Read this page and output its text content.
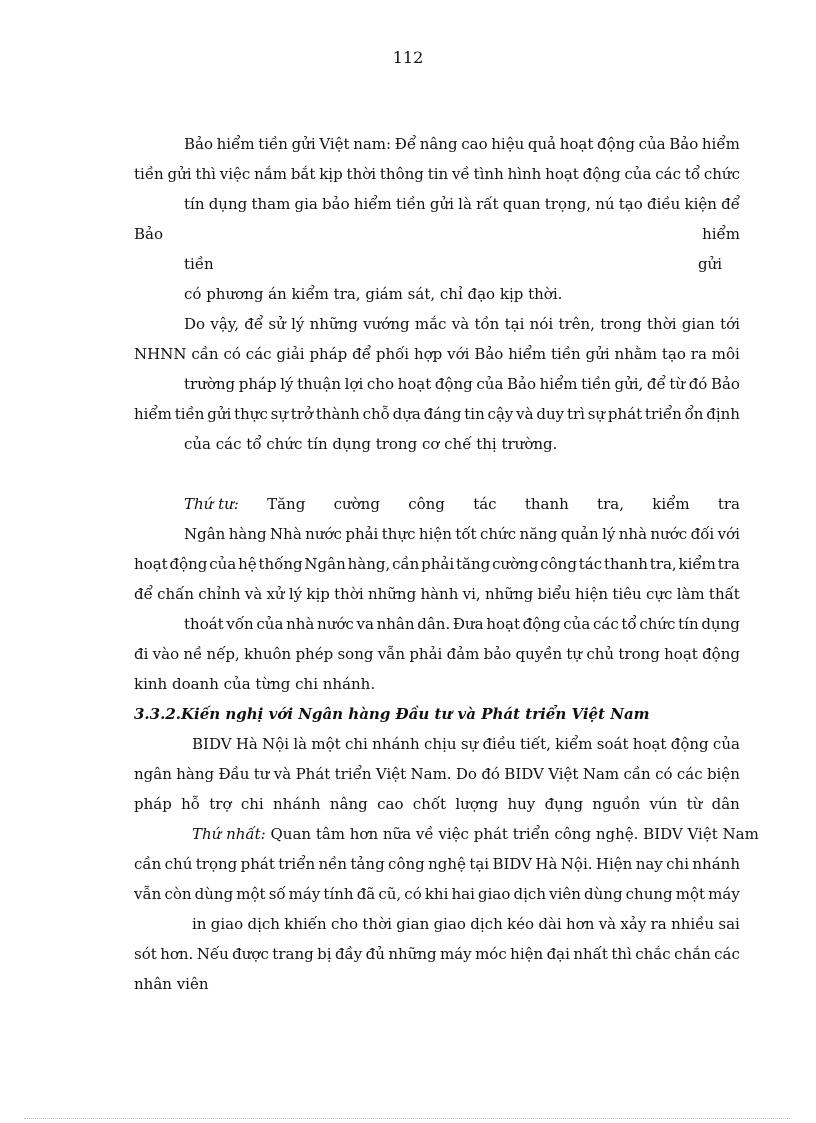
112
Bảo hiểm tiền gửi Việt nam: Để nâng cao hiệu quả hoạt động của Bảo hiểm
tiền gửi thì việc nắm bắt kịp thời thông tin về tình hình hoạt động của các tổ chức
tín dụng tham gia bảo hiểm tiền gửi là rất quan trọng, nú tạo điều kiện để
Bảo	hiểm
tiền	gửi
có phương án kiểm tra, giám sát, chỉ đạo kịp thời.
Do vậy, để sử lý những vướng mắc và tồn tại nói trên, trong thời gian tới
NHNN cần có các giải pháp để phối hợp với Bảo hiểm tiền gửi nhằm tạo ra môi
trường pháp lý thuận lợi cho hoạt động của Bảo hiểm tiền gửi, để từ đó Bảo
hiểm tiền gửi thực sự trở thành chỗ dựa đáng tin cậy và duy trì sự phát triển ổn định
của các tổ chức tín dụng trong cơ chế thị trường.
Thứ tư: Tăng cường công tác thanh tra, kiểm tra
Ngân hàng Nhà nước phải thực hiện tốt chức năng quản lý nhà nước đối với
hoạt động của hệ thống Ngân hàng, cần phải tăng cường công tác thanh tra, kiểm tra
để chấn chỉnh và xử lý kịp thời những hành vi, những biểu hiện tiêu cực làm thất
thoát vốn của nhà nước va nhân dân. Đưa hoạt động của các tổ chức tín dụng
đi vào nề nếp, khuôn phép song vẫn phải đảm bảo quyền tự chủ trong hoạt động
kinh doanh của từng chi nhánh.
3.3.2.Kiến nghị với Ngân hàng Đầu tư và Phát triển Việt Nam
BIDV Hà Nội là một chi nhánh chịu sự điều tiết, kiểm soát hoạt động của
ngân hàng Đầu tư và Phát triển Việt Nam. Do đó BIDV Việt Nam cần có các biện
pháp hỗ trợ chi nhánh nâng cao chốt lượng huy đụng nguồn vún từ dân
Thứ nhất: Quan tâm hơn nữa về việc phát triển công nghệ. BIDV Việt Nam
cần chú trọng phát triển nền tảng công nghệ tại BIDV Hà Nội. Hiện nay chi nhánh
vẫn còn dùng một số máy tính đã cũ, có khi hai giao dịch viên dùng chung một máy
in giao dịch khiến cho thời gian giao dịch kéo dài hơn và xảy ra nhiều sai
sót hơn. Nếu được trang bị đầy đủ những máy móc hiện đại nhất thì chắc chắn các
nhân viên
